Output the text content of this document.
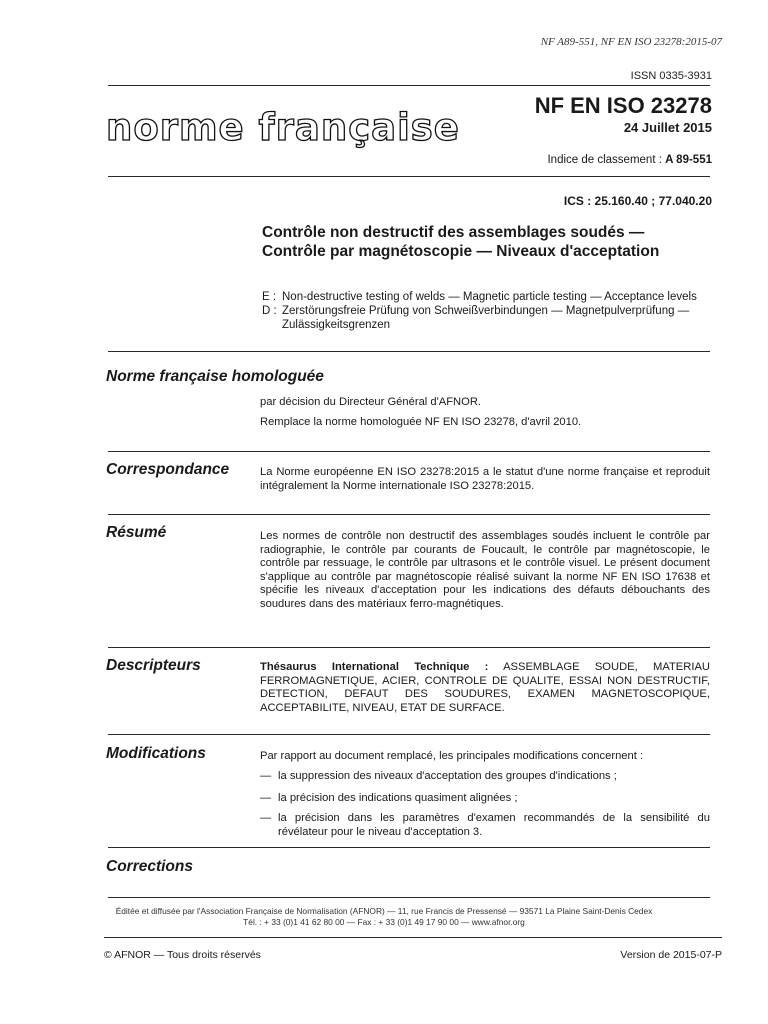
NF A89-551, NF EN ISO 23278:2015-07
ISSN 0335-3931
norme française
NF EN ISO 23278
24 Juillet 2015
Indice de classement : A 89-551
ICS : 25.160.40 ; 77.040.20
Contrôle non destructif des assemblages soudés —
Contrôle par magnétoscopie — Niveaux d'acceptation
E : Non-destructive testing of welds — Magnetic particle testing — Acceptance levels
D : Zerstörungsfreie Prüfung von Schweißverbindungen — Magnetpulverprüfung — Zulässigkeitsgrenzen
Norme française homologuée
par décision du Directeur Général d'AFNOR.
Remplace la norme homologuée NF EN ISO 23278, d'avril 2010.
Correspondance	La Norme européenne EN ISO 23278:2015 a le statut d'une norme française et reproduit intégralement la Norme internationale ISO 23278:2015.
Résumé	Les normes de contrôle non destructif des assemblages soudés incluent le contrôle par radiographie, le contrôle par courants de Foucault, le contrôle par magnétoscopie, le contrôle par ressuage, le contrôle par ultrasons et le contrôle visuel. Le présent document s'applique au contrôle par magnétoscopie réalisé suivant la norme NF EN ISO 17638 et spécifie les niveaux d'acceptation pour les indications des défauts débouchants des soudures dans des matériaux ferro-magnétiques.
Descripteurs	Thésaurus International Technique : ASSEMBLAGE SOUDE, MATERIAU FERROMAGNETIQUE, ACIER, CONTROLE DE QUALITE, ESSAI NON DESTRUCTIF, DETECTION, DEFAUT DES SOUDURES, EXAMEN MAGNETOSCOPIQUE, ACCEPTABILITE, NIVEAU, ETAT DE SURFACE.
Modifications	Par rapport au document remplacé, les principales modifications concernent :
— la suppression des niveaux d'acceptation des groupes d'indications ;
— la précision des indications quasiment alignées ;
— la précision dans les paramètres d'examen recommandés de la sensibilité du révélateur pour le niveau d'acceptation 3.
Corrections
Éditée et diffusée par l'Association Française de Normalisation (AFNOR) — 11, rue Francis de Pressensé — 93571 La Plaine Saint-Denis Cedex
Tél. : + 33 (0)1 41 62 80 00 — Fax : + 33 (0)1 49 17 90 00 — www.afnor.org
© AFNOR — Tous droits réservés	Version de 2015-07-P
